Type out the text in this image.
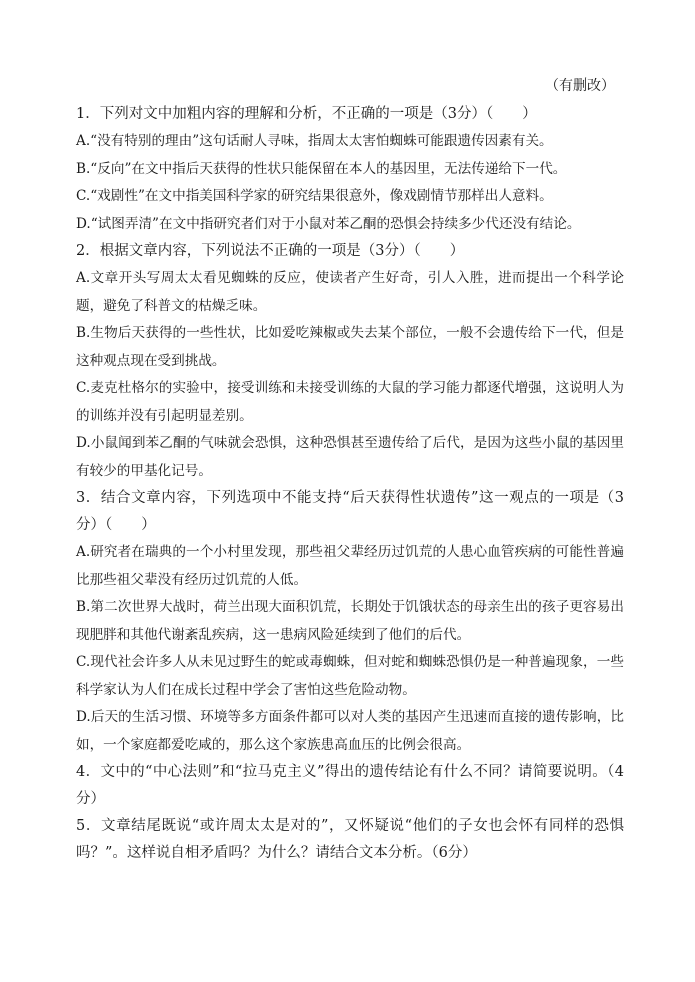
（有删改）

1．下列对文中加粗内容的理解和分析，不正确的一项是（3分）（　　）

A.“没有特别的理由”这句话耐人寻味，指周太太害怕蜘蛛可能跟遗传因素有关。

B.“反向”在文中指后天获得的性状只能保留在本人的基因里，无法传递给下一代。

C.“戏剧性”在文中指美国科学家的研究结果很意外，像戏剧情节那样出人意料。

D.“试图弄清”在文中指研究者们对于小鼠对苯乙酮的恐惧会持续多少代还没有结论。

2．根据文章内容，下列说法不正确的一项是（3分）（　　）

A.文章开头写周太太看见蜘蛛的反应，使读者产生好奇，引人入胜，进而提出一个科学论题，避免了科普文的枯燥乏味。

B.生物后天获得的一些性状，比如爱吃辣椒或失去某个部位，一般不会遗传给下一代，但是这种观点现在受到挑战。

C.麦克杜格尔的实验中，接受训练和未接受训练的大鼠的学习能力都逐代增强，这说明人为的训练并没有引起明显差别。

D.小鼠闻到苯乙酮的气味就会恐惧，这种恐惧甚至遗传给了后代，是因为这些小鼠的基因里有较少的甲基化记号。

3．结合文章内容，下列选项中不能支持“后天获得性状遗传”这一观点的一项是（3分）（　　）

A.研究者在瑞典的一个小村里发现，那些祖父辈经历过饥荒的人患心血管疾病的可能性普遍比那些祖父辈没有经历过饥荒的人低。

B.第二次世界大战时，荷兰出现大面积饥荒，长期处于饥饿状态的母亲生出的孩子更容易出现肥胖和其他代谢紊乱疾病，这一患病风险延续到了他们的后代。

C.现代社会许多人从未见过野生的蛇或毒蜘蛛，但对蛇和蜘蛛恐惧仍是一种普遍现象，一些科学家认为人们在成长过程中学会了害怕这些危险动物。

D.后天的生活习惯、环境等多方面条件都可以对人类的基因产生迅速而直接的遗传影响，比如，一个家庭都爱吃咸的，那么这个家族患高血压的比例会很高。

4．文中的“中心法则”和“拉马克主义”得出的遗传结论有什么不同？请简要说明。（4分）

5．文章结尾既说“或许周太太是对的”，又怀疑说“他们的子女也会怀有同样的恐惧吗？”。这样说自相矛盾吗？为什么？请结合文本分析。（6分）
